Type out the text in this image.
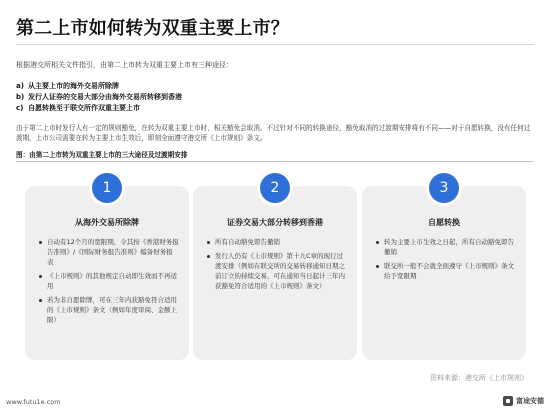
第二上市如何转为双重主要上市？
根据港交所相关文件指引，由第二上市转为双重主要上市有三种途径：
a) 从主要上市的海外交易所除牌
b) 发行人证券的交易大部分由海外交易所转移到香港
c) 自愿转换至于联交所作双重主要上市
由于第二上市时发行人有一定的规则豁免，在转为双重主要上市时，相关豁免会取消。不过针对不同的转换途径，豁免取消的过渡期安排将有不同——对于自愿转换，没有任何过渡期，上市公司需要在转为主要上市生效后，即刻全面遵守港交所《上市规则》条文。
图：由第二上市转为双重主要上市的三大途径及过渡期安排
从海外交易所除牌
自动有12个月的宽限期，令其按《香港财务报告准则》/《国际财务报告准则》编备财务报表
《上市规则》的其他规定自动即生效而不再适用
若为非自愿除牌，可在三年内获豁免符合适用的《上市规则》条文（例如年度审阅、金额上限）
1
证券交易大部分转移到香港
所有自动豁免即告撤销
发行人仍有《上市规则》第十九C章的现行过渡安排（例如在联交所的交易转移通知日期之前订立的持续交易，可在通知当日起计三年内获豁免符合适用的《上市规则》条文）
2
自愿转换
转为主要上市生效之日起，所有自动豁免即告撤销
联交所一般不会就全面遵守《上市规则》条文给予宽限期
3
资料来源：港交所《上市规则》
www.futu1e.com	富途安德
